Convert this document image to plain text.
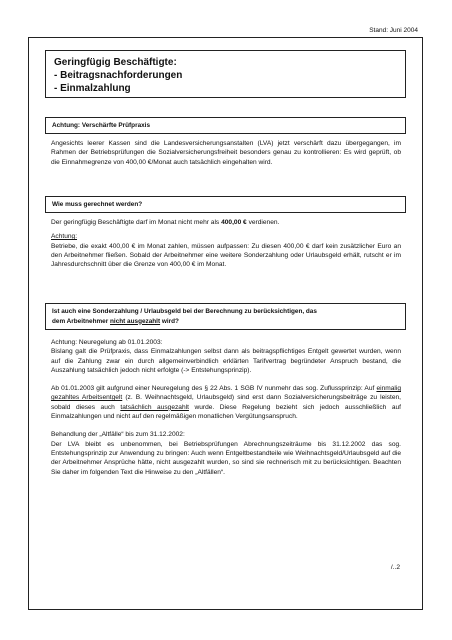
Stand: Juni 2004
Geringfügig Beschäftigte:
- Beitragsnachforderungen
- Einmalzahlung
Achtung: Verschärfte Prüfpraxis
Angesichts leerer Kassen sind die Landesversicherungsanstalten (LVA) jetzt verschärft dazu übergegangen, im Rahmen der Betriebsprüfungen die Sozialversicherungsfreiheit besonders genau zu kontrollieren: Es wird geprüft, ob die Einnahmegrenze von 400,00 €/Monat auch tatsächlich eingehalten wird.
Wie muss gerechnet werden?

Der geringfügig Beschäftigte darf im Monat nicht mehr als 400,00 € verdienen.

Achtung:

Betriebe, die exakt 400,00 € im Monat zahlen, müssen aufpassen: Zu diesen 400,00 € darf kein zusätzlicher Euro an den Arbeitnehmer fließen. Sobald der Arbeitnehmer eine weitere Sonderzahlung oder Urlaubsgeld erhält, rutscht er im Jahresdurchschnitt über die Grenze von 400,00 € im Monat.

Ist auch eine Sonderzahlung / Urlaubsgeld bei der Berechnung zu berücksichtigen, das
dem Arbeitnehmer nicht ausgezahlt wird?

Achtung: Neuregelung ab 01.01.2003:
Bislang galt die Prüfpraxis, dass Einmalzahlungen selbst dann als beitragspflichtiges Entgelt gewertet wurden, wenn auf die Zahlung zwar ein durch allgemeinverbindlich erklärten Tarifvertrag begründeter Anspruch bestand, die Auszahlung tatsächlich jedoch nicht erfolgte (-> Entstehungsprinzip).

Ab 01.01.2003 gilt aufgrund einer Neuregelung des § 22 Abs. 1 SGB IV nunmehr das sog. Zuflussprinzip: Auf einmalig gezahltes Arbeitsentgelt (z. B. Weihnachtsgeld, Urlaubsgeld) sind erst dann Sozialversicherungsbeiträge zu leisten, sobald dieses auch tatsächlich ausgezahlt wurde. Diese Regelung bezieht sich jedoch ausschließlich auf Einmalzahlungen und nicht auf den regelmäßigen monatlichen Vergütungsanspruch.

Behandlung der „Altfälle“ bis zum 31.12.2002:
Der LVA bleibt es unbenommen, bei Betriebsprüfungen Abrechnungszeiträume bis 31.12.2002 das sog. Entstehungsprinzip zur Anwendung zu bringen: Auch wenn Entgeltbestandteile wie Weihnachtsgeld/Urlaubsgeld auf die der Arbeitnehmer Ansprüche hätte, nicht ausgezahlt wurden, so sind sie rechnerisch mit zu berücksichtigen. Beachten Sie daher im folgenden Text die Hinweise zu den „Altfällen“.

/..2
